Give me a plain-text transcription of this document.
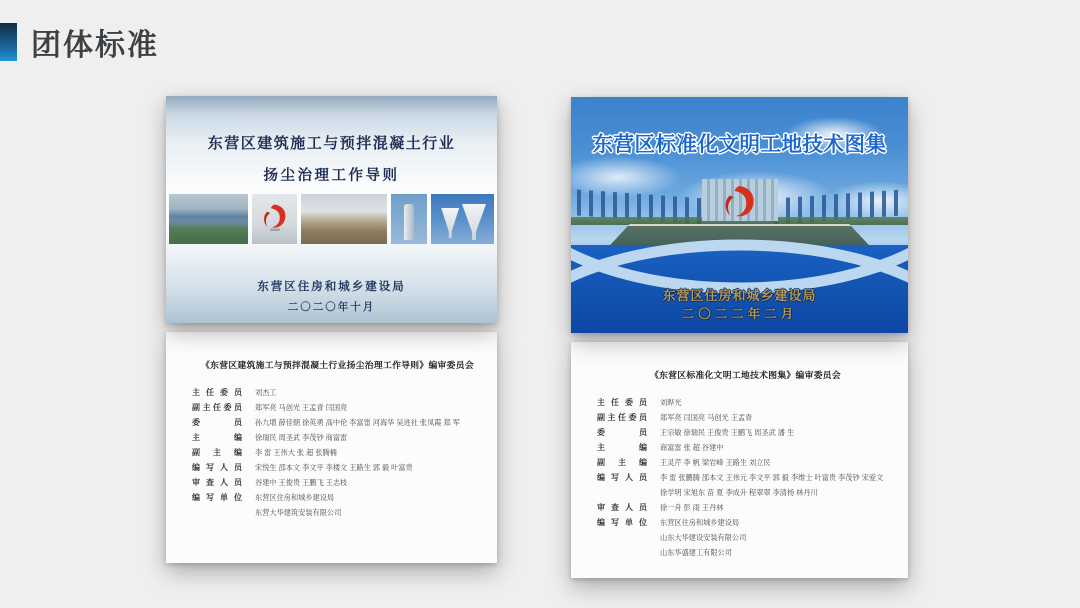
团体标准
东营区建筑施工与预拌混凝土行业
扬尘治理工作导则
东营区住房和城乡建设局
二〇二〇年十月
《东营区建筑施工与预拌混凝土行业扬尘治理工作导则》编审委员会
主任委员 刘杰工
副主任委员 郑军亮 马创光 王孟青 闫国亮
委员 孙九增 薛佳朝 徐英勇 高中伦 李富雷 河海华 吴进社 张凤霞 郑 军
主编 徐瑞民 周圣武 李茂钞 商富雷
副主编 李 雷 王伟大 张 超 张腾楠
编写人员 宋悦生 邵本文 李文平 李楼文 王路生 郭 毅 叶富贵
审查人员 谷建中 王俊贵 王鹏飞 王志枝
编写单位 东营区住房和城乡建设局
东营大华建筑安装有限公司
东营区标准化文明工地技术图集
东营区住房和城乡建设局
二〇二二年二月
《东营区标准化文明工地技术图集》编审委员会
主任委员 刘晔光
副主任委员 郑军亮 闫国亮 马创光 王孟青
委员 王宗敏 徐瑞民 王俊贵 王鹏飞 周圣武 潘 生
主编 商富雷 张 超 谷建中
副主编 王灵芹 李 帆 梁岩峰 王路生 刘立民
编写人员 李 雷 张鹏腾 邵本文 王伟元 李文平 郭 毅 李维士 叶富贵 李茂钞 宋爱文
徐学明 宋旭东 苗 夏 李成升 程翠翠 李清杨 林丹川
审查人员 徐一舟 彭 雨 王丹林
编写单位 东营区住房和城乡建设局
山东大华建设安装有限公司
山东华盛建工有限公司
